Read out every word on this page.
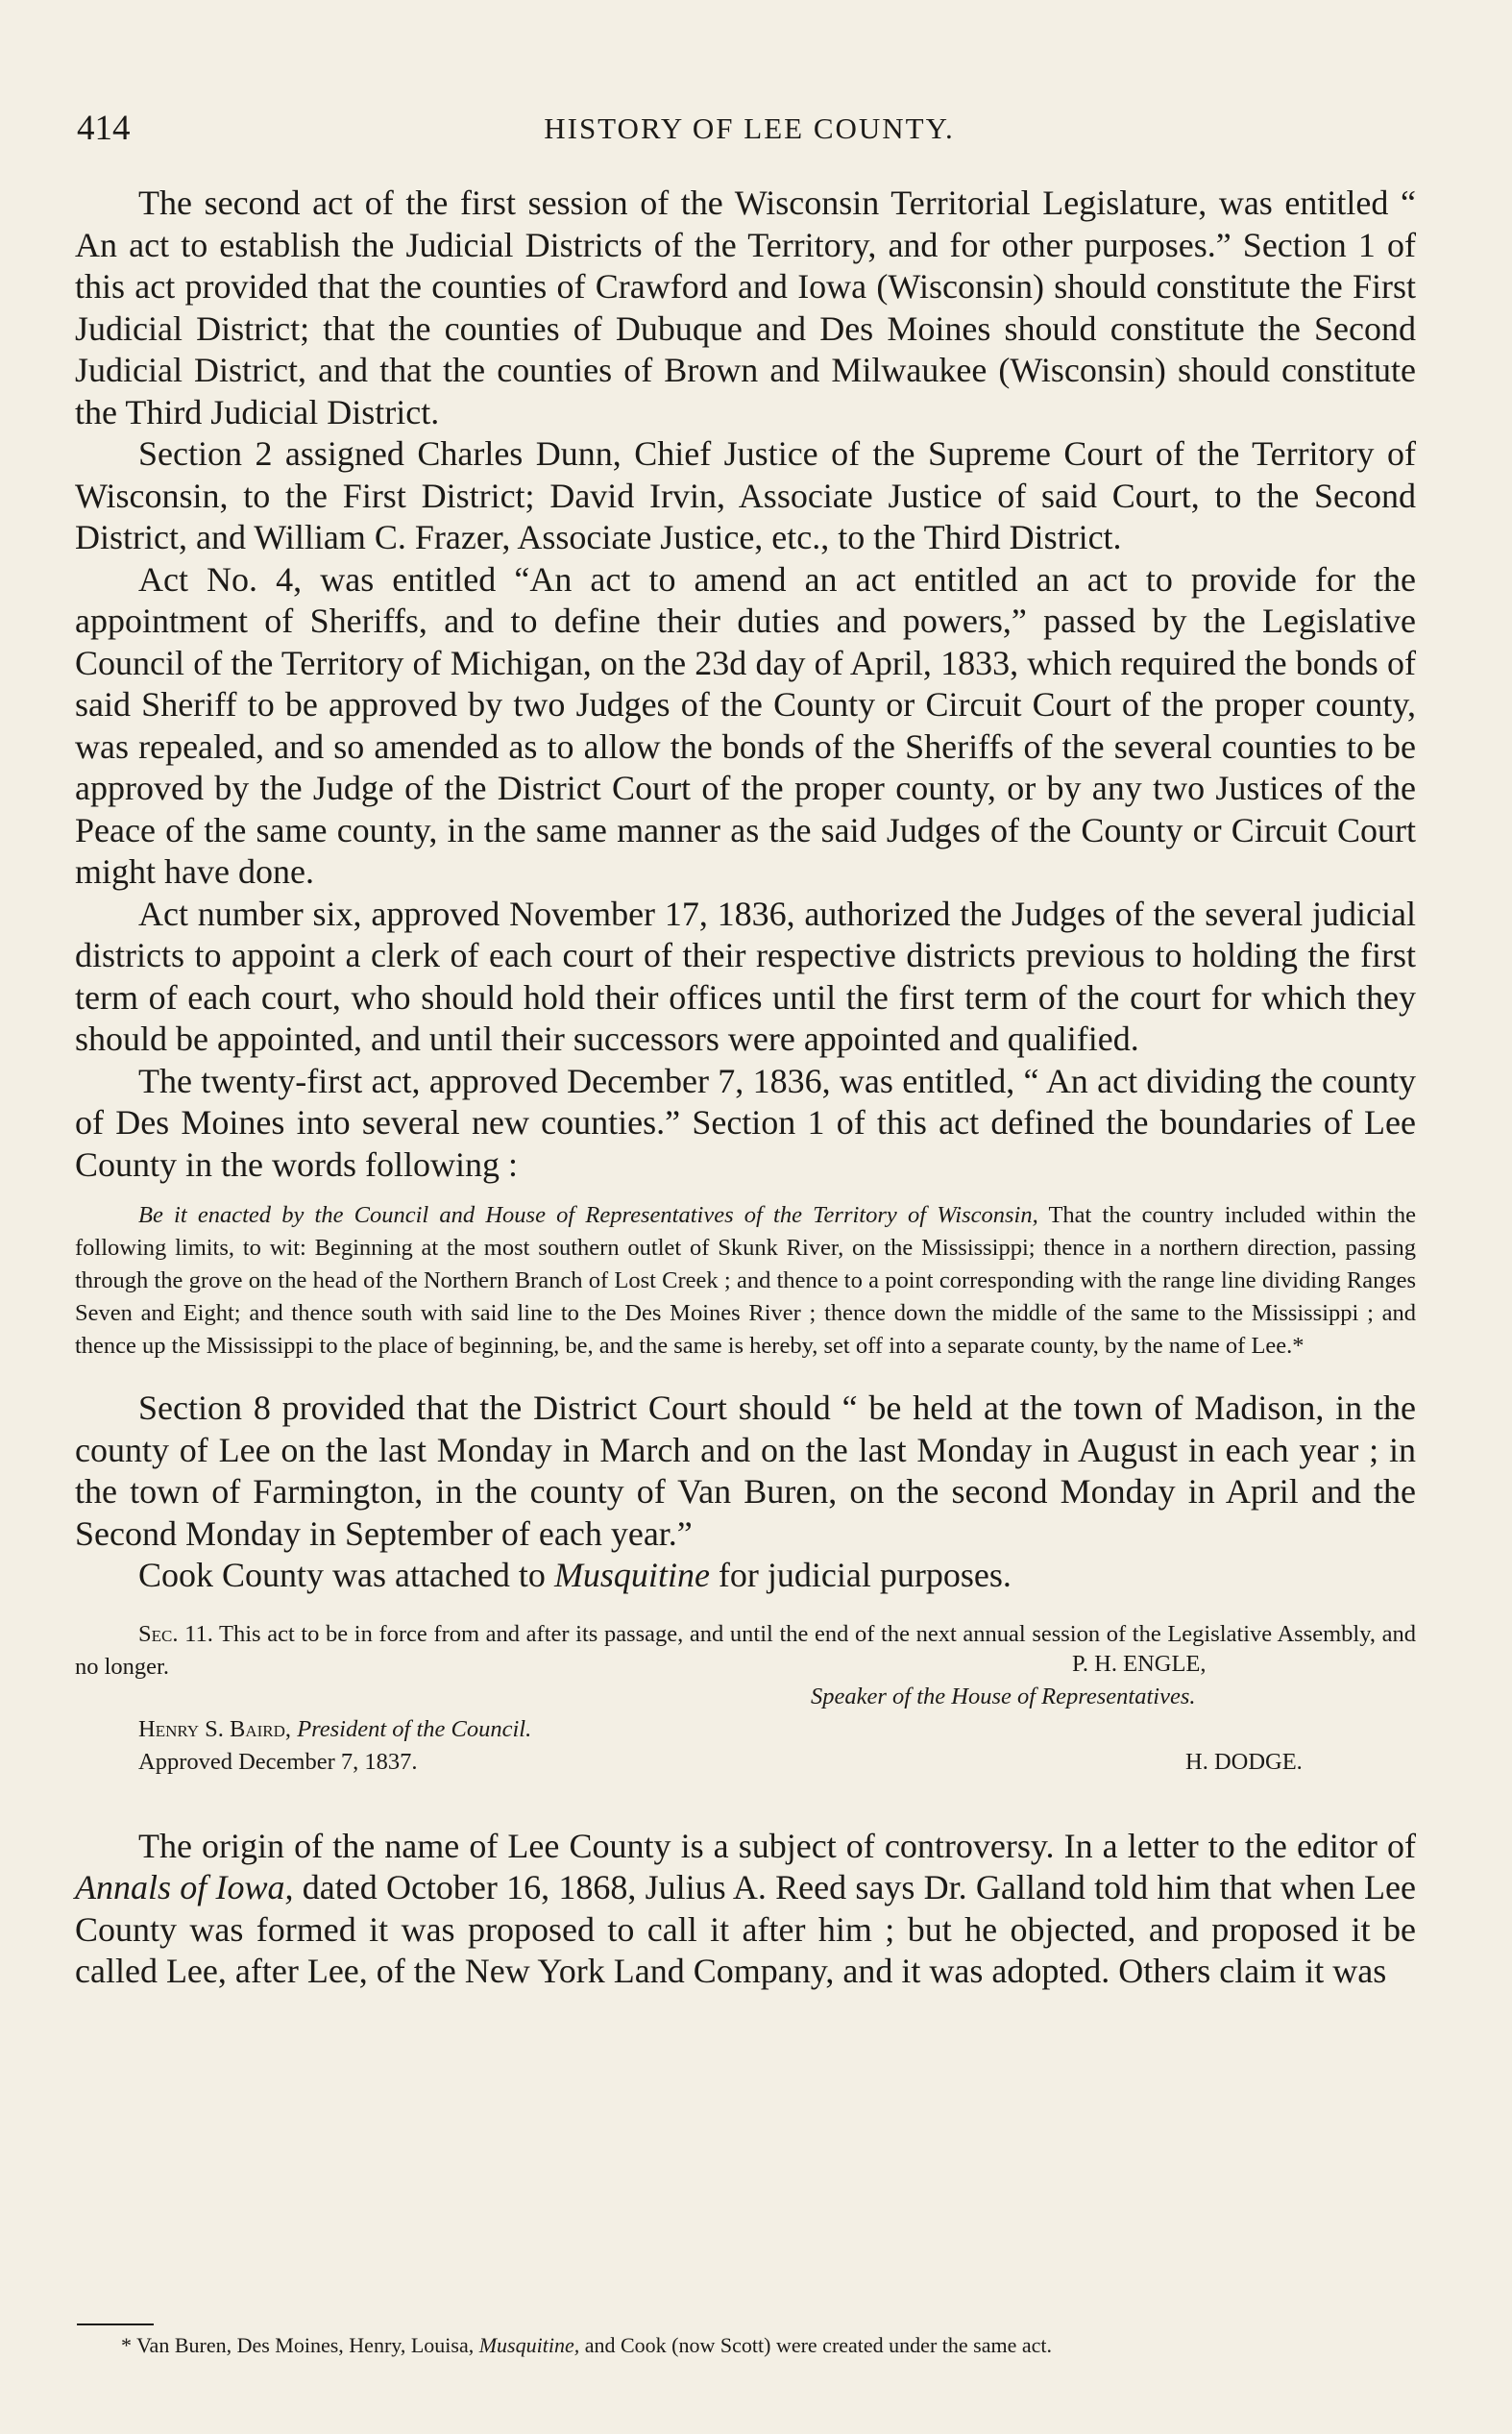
414	HISTORY OF LEE COUNTY.

The second act of the first session of the Wisconsin Territorial Legislature, was entitled “ An act to establish the Judicial Districts of the Territory, and for other purposes.” Section 1 of this act provided that the counties of Crawford and Iowa (Wisconsin) should constitute the First Judicial District; that the counties of Dubuque and Des Moines should constitute the Second Judicial District, and that the counties of Brown and Milwaukee (Wisconsin) should constitute the Third Judicial District.

Section 2 assigned Charles Dunn, Chief Justice of the Supreme Court of the Territory of Wisconsin, to the First District; David Irvin, Associate Justice of said Court, to the Second District, and William C. Frazer, Associate Justice, etc., to the Third District.

Act No. 4, was entitled “An act to amend an act entitled an act to provide for the appointment of Sheriffs, and to define their duties and powers,” passed by the Legislative Council of the Territory of Michigan, on the 23d day of April, 1833, which required the bonds of said Sheriff to be approved by two Judges of the County or Circuit Court of the proper county, was repealed, and so amended as to allow the bonds of the Sheriffs of the several counties to be approved by the Judge of the District Court of the proper county, or by any two Justices of the Peace of the same county, in the same manner as the said Judges of the County or Circuit Court might have done.

Act number six, approved November 17, 1836, authorized the Judges of the several judicial districts to appoint a clerk of each court of their respective districts previous to holding the first term of each court, who should hold their offices until the first term of the court for which they should be appointed, and until their successors were appointed and qualified.

The twenty-first act, approved December 7, 1836, was entitled, “ An act dividing the county of Des Moines into several new counties.” Section 1 of this act defined the boundaries of Lee County in the words following :

Be it enacted by the Council and House of Representatives of the Territory of Wisconsin, That the country included within the following limits, to wit: Beginning at the most southern outlet of Skunk River, on the Mississippi; thence in a northern direction, passing through the grove on the head of the Northern Branch of Lost Creek ; and thence to a point corresponding with the range line dividing Ranges Seven and Eight; and thence south with said line to the Des Moines River ; thence down the middle of the same to the Mississippi ; and thence up the Mississippi to the place of beginning, be, and the same is hereby, set off into a separate county, by the name of Lee.*

Section 8 provided that the District Court should “ be held at the town of Madison, in the county of Lee on the last Monday in March and on the last Monday in August in each year ; in the town of Farmington, in the county of Van Buren, on the second Monday in April and the Second Monday in September of each year.”

Cook County was attached to Musquitine for judicial purposes.

Sec. 11. This act to be in force from and after its passage, and until the end of the next annual session of the Legislative Assembly, and no longer.	P. H. ENGLE,
Speaker of the House of Representatives.
Henry S. Baird, President of the Council.
Approved December 7, 1837.	H. DODGE.

The origin of the name of Lee County is a subject of controversy. In a letter to the editor of Annals of Iowa, dated October 16, 1868, Julius A. Reed says Dr. Galland told him that when Lee County was formed it was proposed to call it after him ; but he objected, and proposed it be called Lee, after Lee, of the New York Land Company, and it was adopted. Others claim it was

* Van Buren, Des Moines, Henry, Louisa, Musquitine, and Cook (now Scott) were created under the same act.
